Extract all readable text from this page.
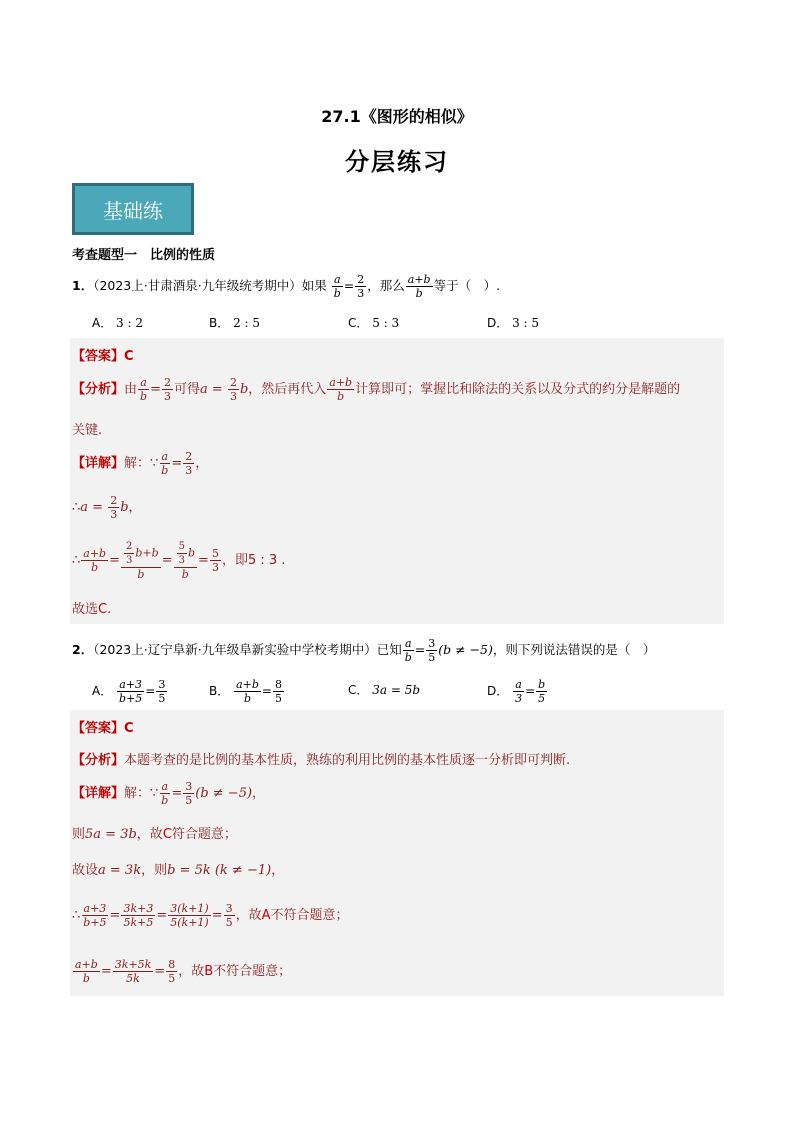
27.1《图形的相似》
分层练习
基础练
考查题型一　比例的性质
1．（2023上·甘肃酒泉·九年级统考期中）如果 $\frac{a}{b} = \frac{2}{3}$ ，那么 $\frac{a+b}{b}$ 等于（　）.
A． 3 : 2	B． 2 : 5	C． 5 : 3	D． 3 : 5
【答案】C
【分析】由 $\frac{a}{b} = \frac{2}{3}$ 可得$a = \frac{2}{3}$ b，然后再代入 $\frac{a+b}{b}$ 计算即可；掌握比和除法的关系以及分式的约分是解题的
关键.
【详解】解：∵ $\frac{a}{b} = \frac{2}{3}$ ，
∴a = $\frac{2}{3}$ b，
∴ $\frac{a+b}{b} = \frac{\frac{2}{3} b+b}{b} = \frac{\frac{5}{3} b}{b} = \frac{5}{3}$ ，即5 : 3 .
故选C.
2．（2023上·辽宁阜新·九年级阜新实验中学校考期中）已知 $\frac{a}{b} = \frac{3}{5} (b \ne -5)$，则下列说法错误的是（　）
A． $\frac{a+3}{b+5} = \frac{3}{5}$	B． $\frac{a+b}{b} = \frac{8}{5}$	C． 3a = 5b	D． $\frac{a}{3} = \frac{b}{5}$
【答案】C
【分析】本题考查的是比例的基本性质，熟练的利用比例的基本性质逐一分析即可判断.
【详解】解：∵ $\frac{a}{b} = \frac{3}{5} (b \ne -5)$，
则5a = 3b，故C符合题意；
故设a = 3k，则b = 5k (k ≠ −1)，
∴ $\frac{a+3}{b+5} = \frac{3k+3}{5k+5} = \frac{3(k+1)}{5(k+1)} = \frac{3}{5}$ ，故A不符合题意；
$\frac{a+b}{b} = \frac{3k+5k}{5k} = \frac{8}{5}$ ，故B不符合题意；
